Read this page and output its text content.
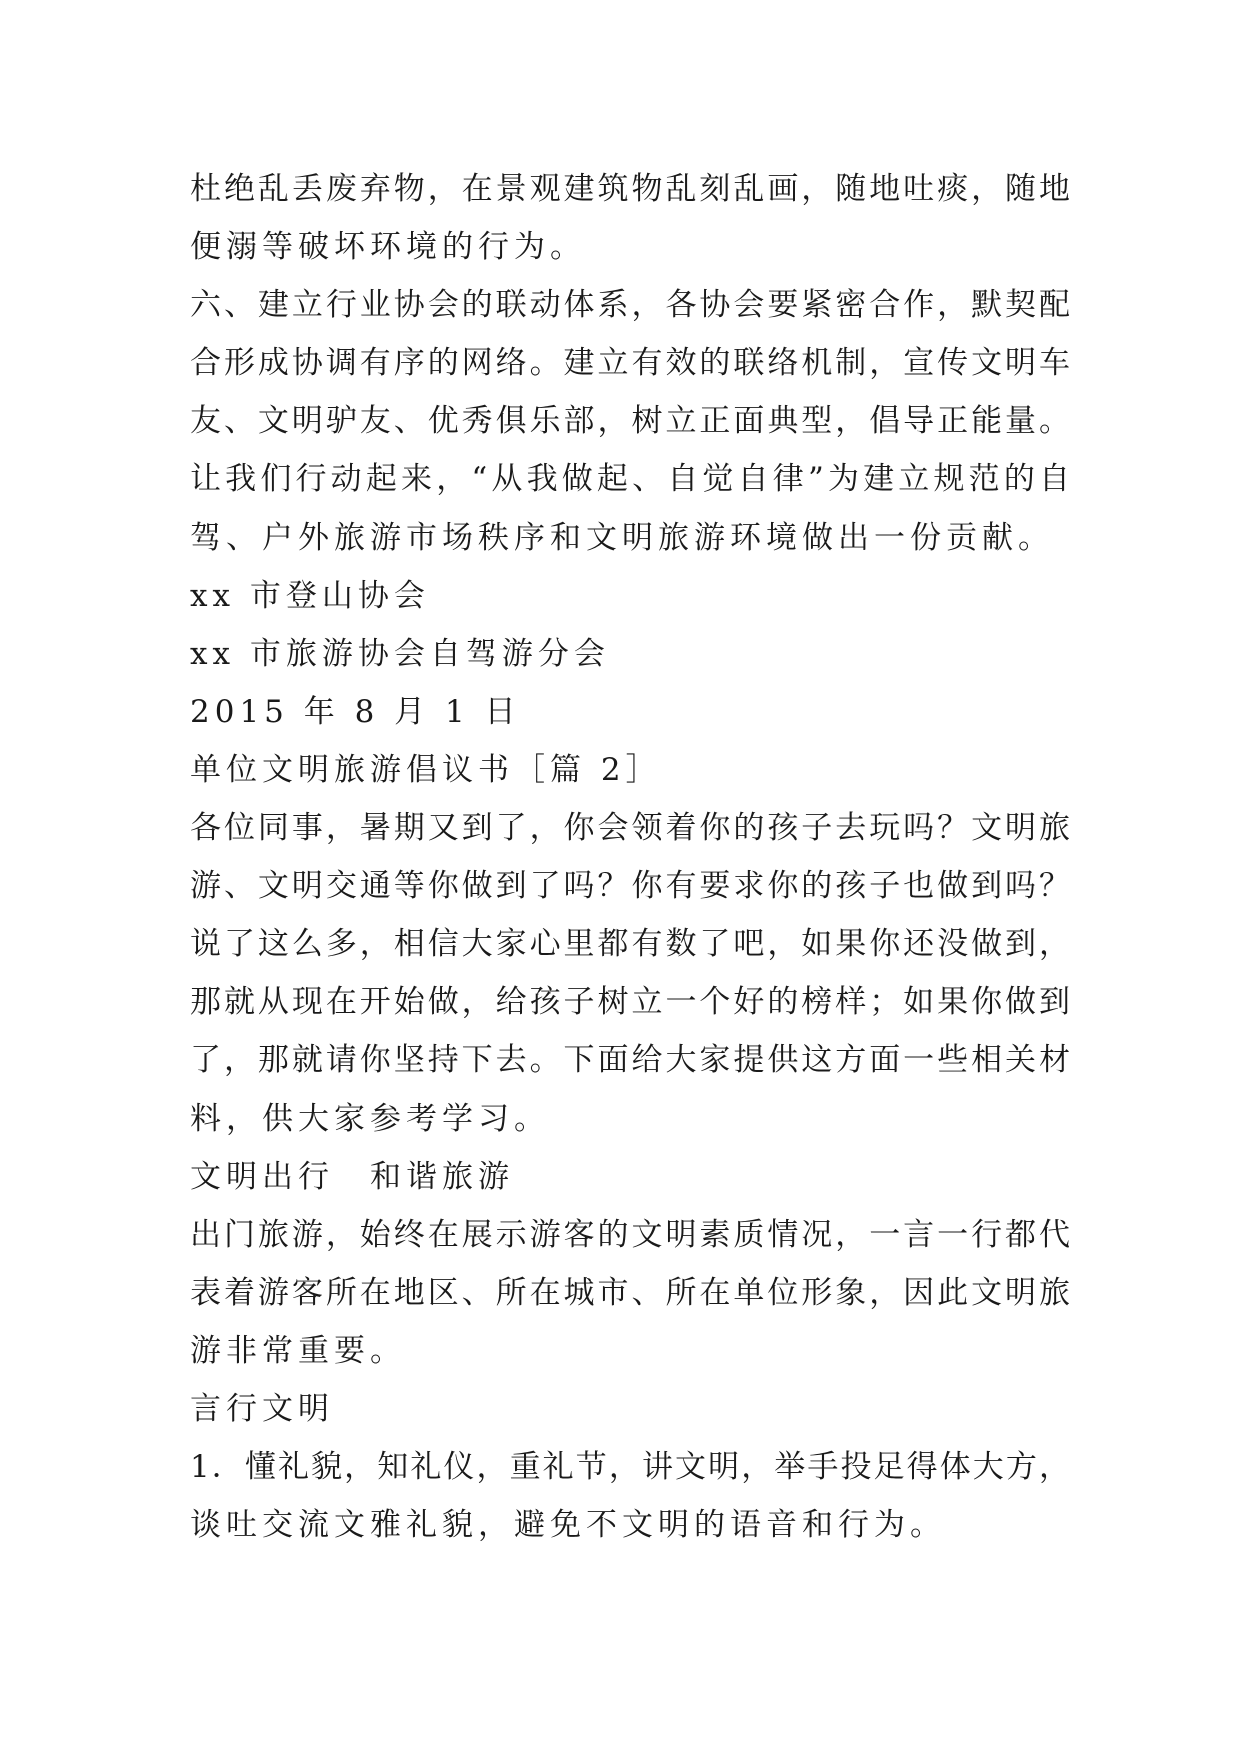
杜绝乱丢废弃物，在景观建筑物乱刻乱画，随地吐痰，随地
便溺等破坏环境的行为。
六、建立行业协会的联动体系，各协会要紧密合作，默契配
合形成协调有序的网络。建立有效的联络机制，宣传文明车
友、文明驴友、优秀俱乐部，树立正面典型，倡导正能量。
让我们行动起来，“从我做起、自觉自律”为建立规范的自
驾、户外旅游市场秩序和文明旅游环境做出一份贡献。
xx 市登山协会
xx 市旅游协会自驾游分会
2015 年 8 月 1 日
单位文明旅游倡议书［篇 2］
各位同事，暑期又到了，你会领着你的孩子去玩吗？文明旅
游、文明交通等你做到了吗？你有要求你的孩子也做到吗？
说了这么多，相信大家心里都有数了吧，如果你还没做到，
那就从现在开始做，给孩子树立一个好的榜样；如果你做到
了，那就请你坚持下去。下面给大家提供这方面一些相关材
料，供大家参考学习。
文明出行　和谐旅游
出门旅游，始终在展示游客的文明素质情况，一言一行都代
表着游客所在地区、所在城市、所在单位形象，因此文明旅
游非常重要。
言行文明
1．懂礼貌，知礼仪，重礼节，讲文明，举手投足得体大方，
谈吐交流文雅礼貌，避免不文明的语音和行为。
